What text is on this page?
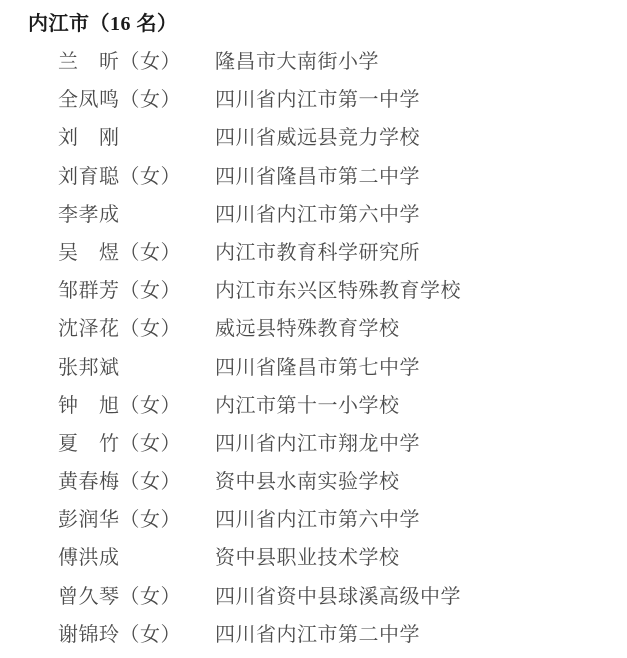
内江市（16 名）
兰　昕（女） 隆昌市大南街小学
全凤鸣（女） 四川省内江市第一中学
刘　刚	四川省威远县竞力学校
刘育聪（女） 四川省隆昌市第二中学
李孝成	四川省内江市第六中学
吴　煜（女） 内江市教育科学研究所
邹群芳（女） 内江市东兴区特殊教育学校
沈泽花（女） 威远县特殊教育学校
张邦斌	四川省隆昌市第七中学
钟　旭（女） 内江市第十一小学校
夏　竹（女） 四川省内江市翔龙中学
黄春梅（女） 资中县水南实验学校
彭润华（女） 四川省内江市第六中学
傅洪成	资中县职业技术学校
曾久琴（女） 四川省资中县球溪高级中学
谢锦玲（女） 四川省内江市第二中学
